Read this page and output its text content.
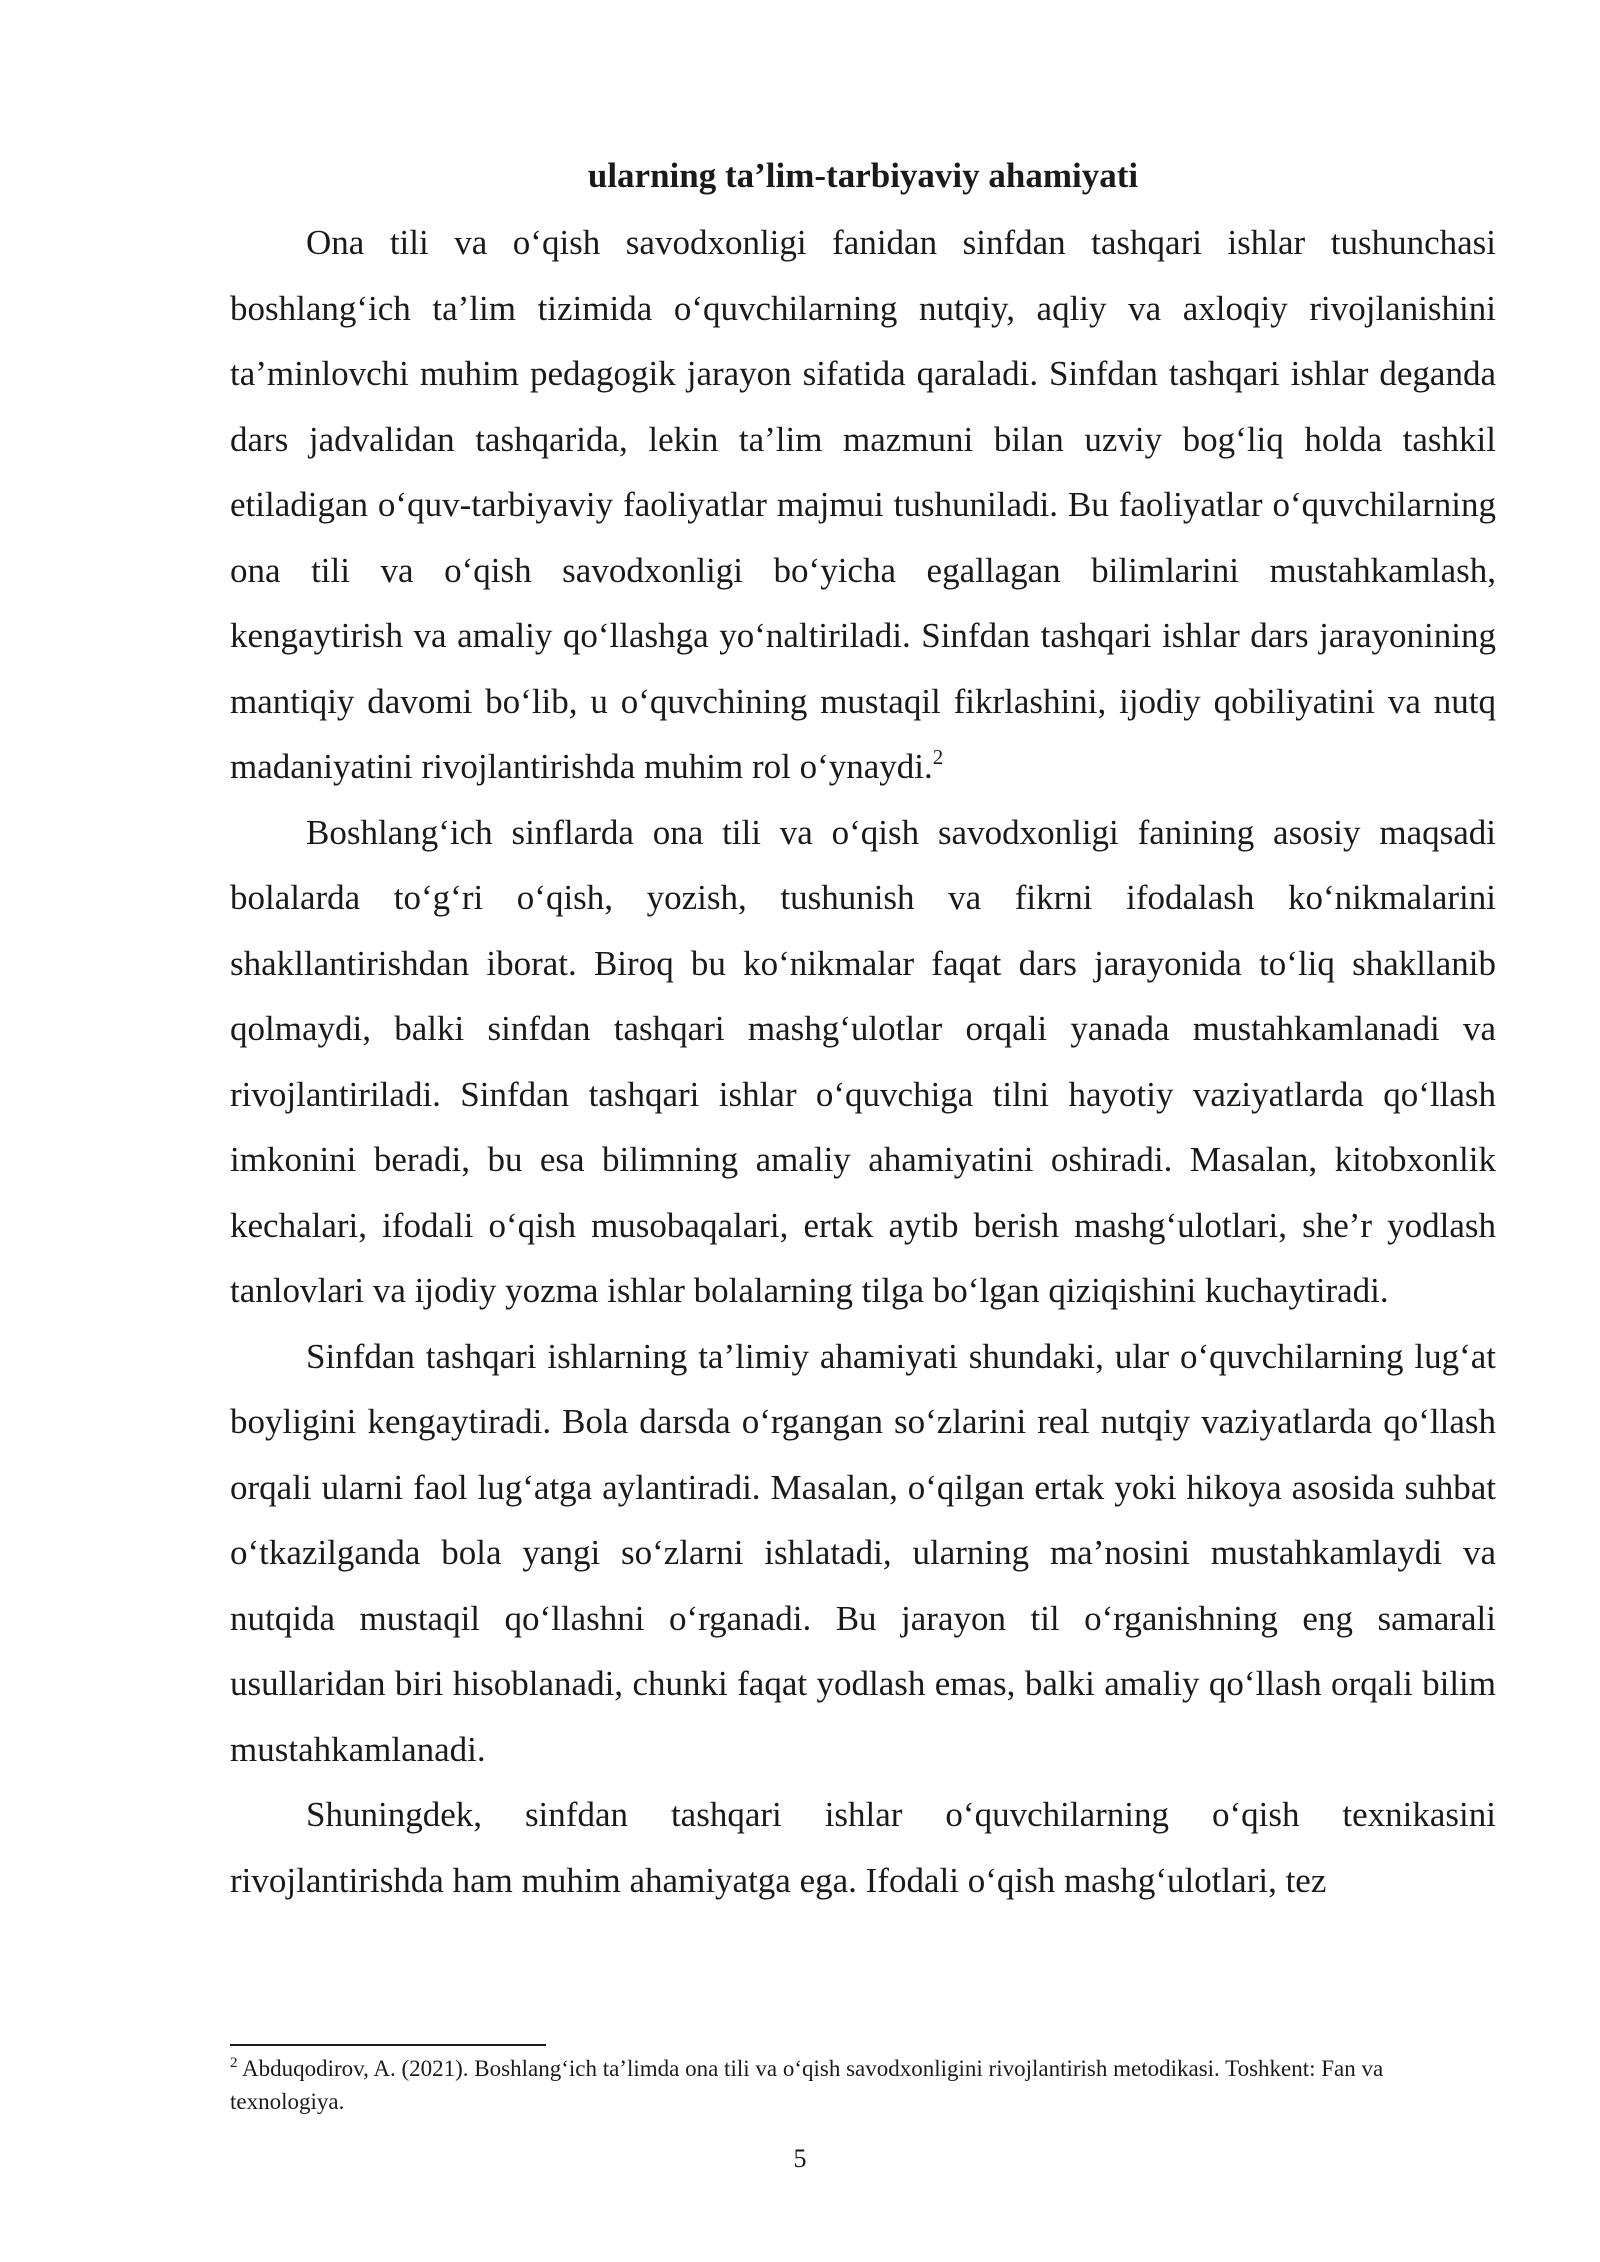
ularning ta’lim-tarbiyaviy ahamiyati

Ona tili va o‘qish savodxonligi fanidan sinfdan tashqari ishlar tushunchasi boshlang‘ich ta’lim tizimida o‘quvchilarning nutqiy, aqliy va axloqiy rivojlanishini ta’minlovchi muhim pedagogik jarayon sifatida qaraladi. Sinfdan tashqari ishlar deganda dars jadvalidan tashqarida, lekin ta’lim mazmuni bilan uzviy bog‘liq holda tashkil etiladigan o‘quv-tarbiyaviy faoliyatlar majmui tushuniladi. Bu faoliyatlar o‘quvchilarning ona tili va o‘qish savodxonligi bo‘yicha egallagan bilimlarini mustahkamlash, kengaytirish va amaliy qo‘llashga yo‘naltiriladi. Sinfdan tashqari ishlar dars jarayonining mantiqiy davomi bo‘lib, u o‘quvchining mustaqil fikrlashini, ijodiy qobiliyatini va nutq madaniyatini rivojlantirishda muhim rol o‘ynaydi.$^2$

Boshlang‘ich sinflarda ona tili va o‘qish savodxonligi fanining asosiy maqsadi bolalarda to‘g‘ri o‘qish, yozish, tushunish va fikrni ifodalash ko‘nikmalarini shakllantirishdan iborat. Biroq bu ko‘nikmalar faqat dars jarayonida to‘liq shakllanib qolmaydi, balki sinfdan tashqari mashg‘ulotlar orqali yanada mustahkamlanadi va rivojlantiriladi. Sinfdan tashqari ishlar o‘quvchiga tilni hayotiy vaziyatlarda qo‘llash imkonini beradi, bu esa bilimning amaliy ahamiyatini oshiradi. Masalan, kitobxonlik kechalari, ifodali o‘qish musobaqalari, ertak aytib berish mashg‘ulotlari, she’r yodlash tanlovlari va ijodiy yozma ishlar bolalarning tilga bo‘lgan qiziqishini kuchaytiradi.

Sinfdan tashqari ishlarning ta’limiy ahamiyati shundaki, ular o‘quvchilarning lug‘at boyligini kengaytiradi. Bola darsda o‘rgangan so‘zlarini real nutqiy vaziyatlarda qo‘llash orqali ularni faol lug‘atga aylantiradi. Masalan, o‘qilgan ertak yoki hikoya asosida suhbat o‘tkazilganda bola yangi so‘zlarni ishlatadi, ularning ma’nosini mustahkamlaydi va nutqida mustaqil qo‘llashni o‘rganadi. Bu jarayon til o‘rganishning eng samarali usullaridan biri hisoblanadi, chunki faqat yodlash emas, balki amaliy qo‘llash orqali bilim mustahkamlanadi.

Shuningdek, sinfdan tashqari ishlar o‘quvchilarning o‘qish texnikasini rivojlantirishda ham muhim ahamiyatga ega. Ifodali o‘qish mashg‘ulotlari, tez

$^2$ Abduqodirov, A. (2021). Boshlang‘ich ta’limda ona tili va o‘qish savodxonligini rivojlantirish metodikasi. Toshkent: Fan va texnologiya.

5
